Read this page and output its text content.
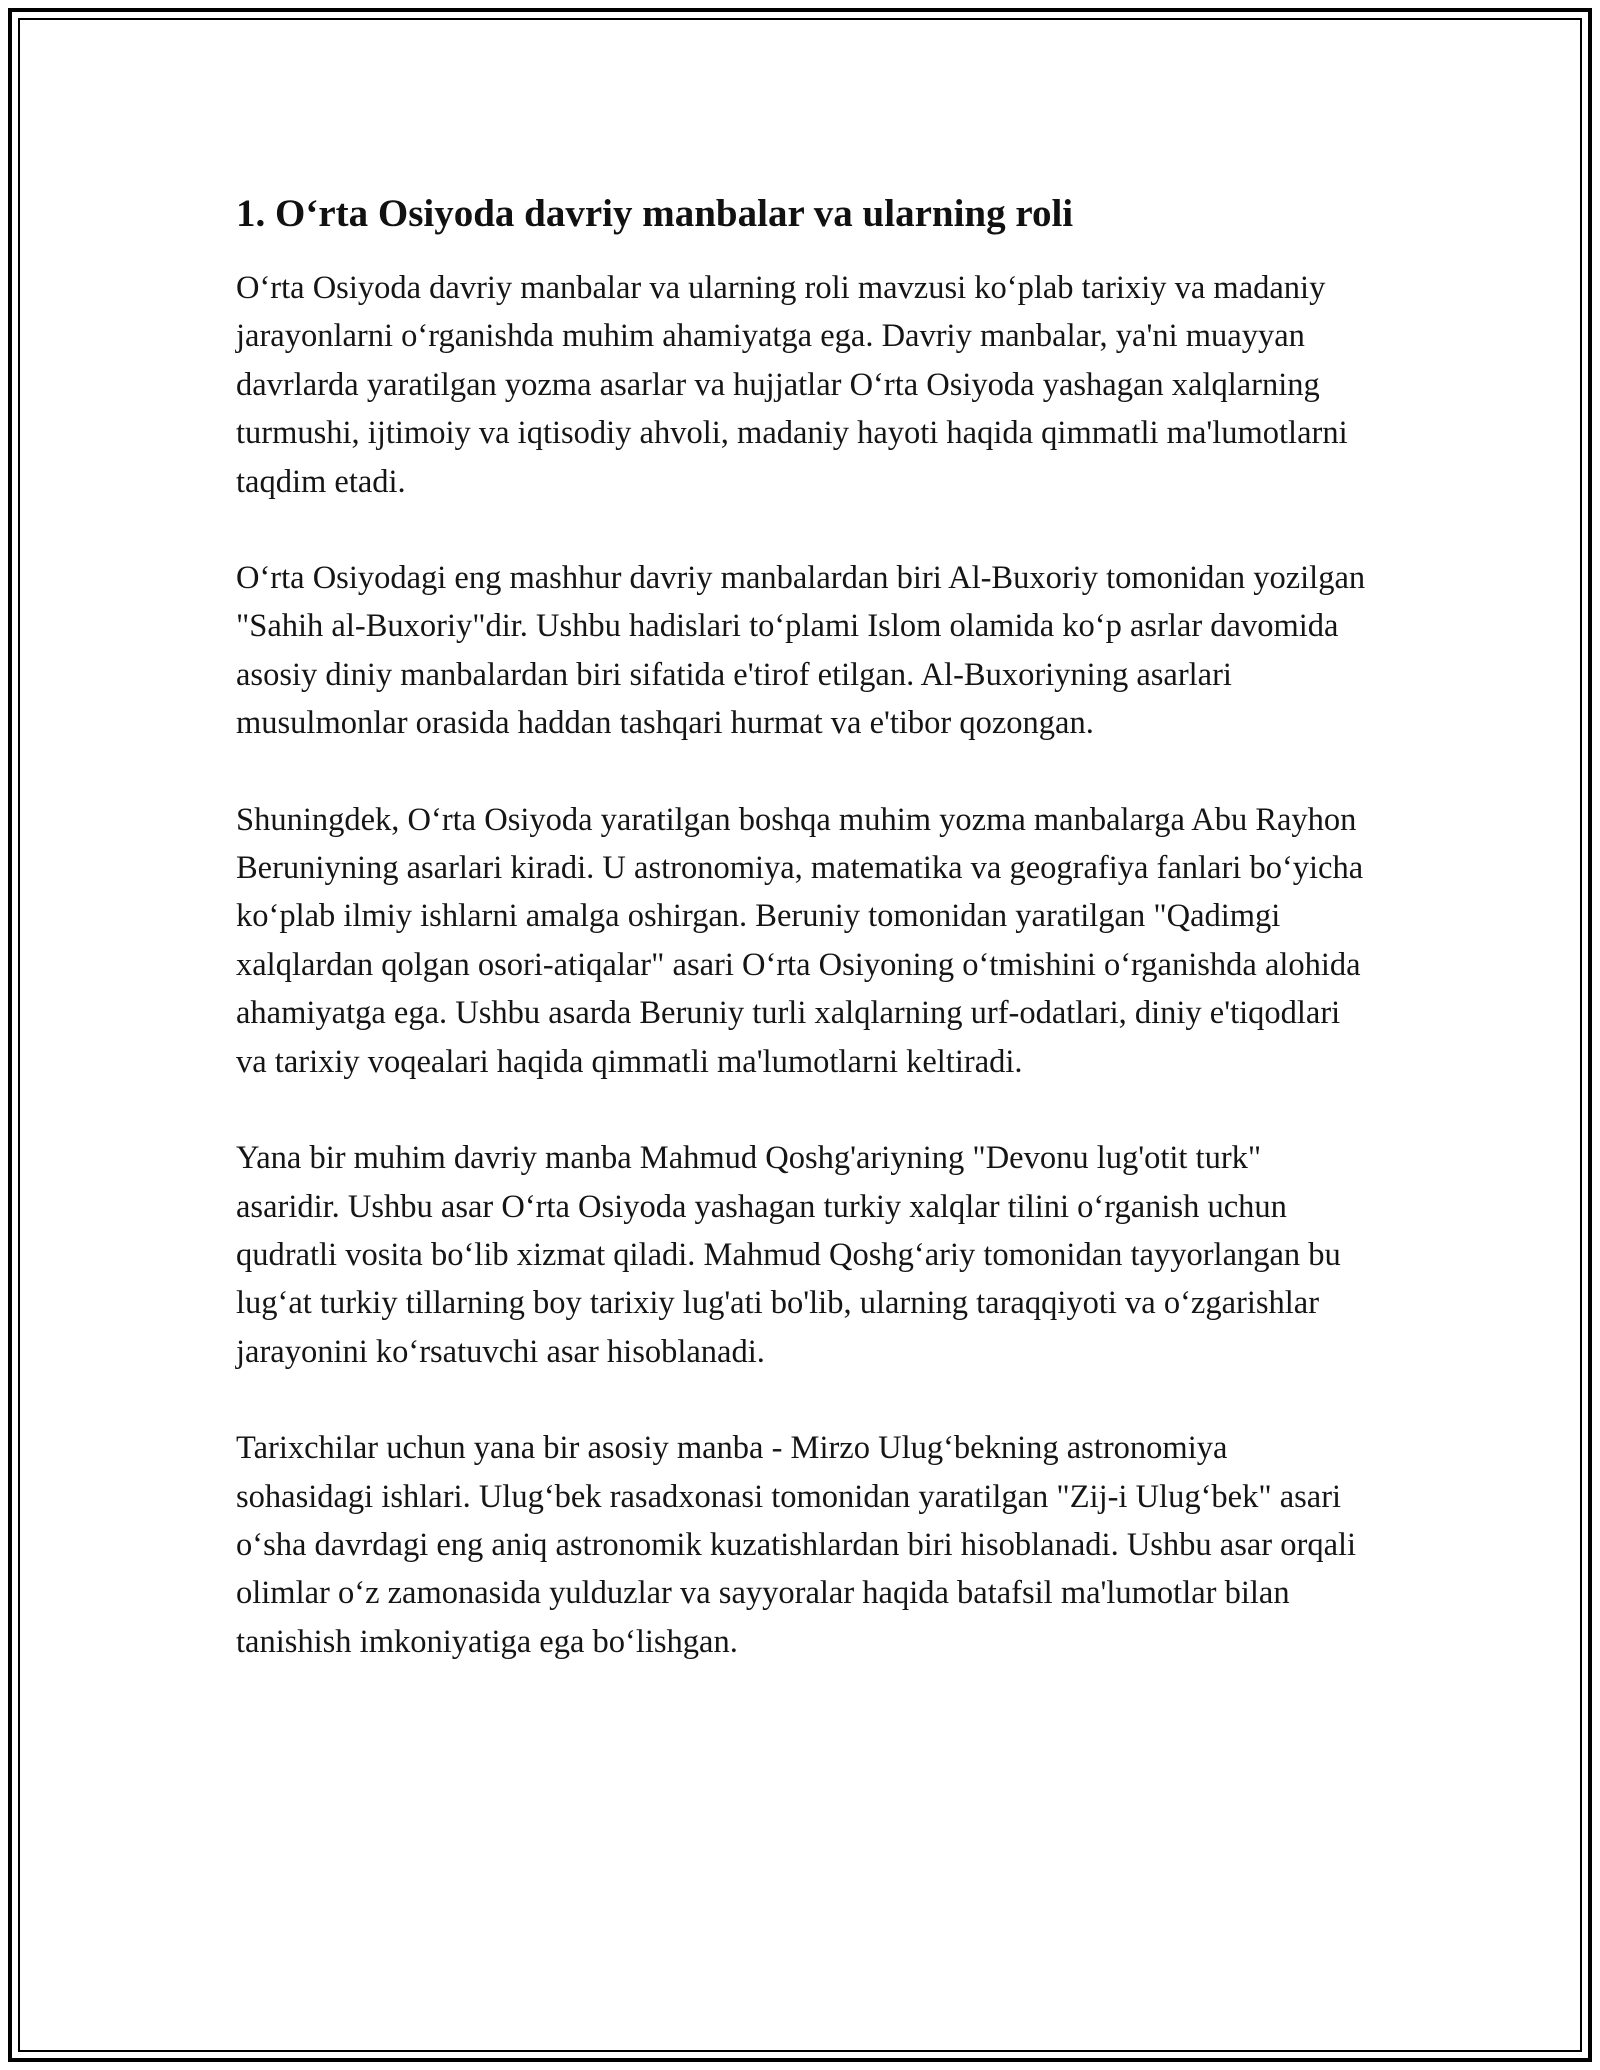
1. O‘rta Osiyoda davriy manbalar va ularning roli

O‘rta Osiyoda davriy manbalar va ularning roli mavzusi ko‘plab tarixiy va madaniy jarayonlarni o‘rganishda muhim ahamiyatga ega. Davriy manbalar, ya'ni muayyan davrlarda yaratilgan yozma asarlar va hujjatlar O‘rta Osiyoda yashagan xalqlarning turmushi, ijtimoiy va iqtisodiy ahvoli, madaniy hayoti haqida qimmatli ma'lumotlarni taqdim etadi.

O‘rta Osiyodagi eng mashhur davriy manbalardan biri Al-Buxoriy tomonidan yozilgan "Sahih al-Buxoriy"dir. Ushbu hadislari to‘plami Islom olamida ko‘p asrlar davomida asosiy diniy manbalardan biri sifatida e'tirof etilgan. Al-Buxoriyning asarlari musulmonlar orasida haddan tashqari hurmat va e'tibor qozongan.

Shuningdek, O‘rta Osiyoda yaratilgan boshqa muhim yozma manbalarga Abu Rayhon Beruniyning asarlari kiradi. U astronomiya, matematika va geografiya fanlari bo‘yicha ko‘plab ilmiy ishlarni amalga oshirgan. Beruniy tomonidan yaratilgan "Qadimgi xalqlardan qolgan osori-atiqalar" asari O‘rta Osiyoning o‘tmishini o‘rganishda alohida ahamiyatga ega. Ushbu asarda Beruniy turli xalqlarning urf-odatlari, diniy e'tiqodlari va tarixiy voqealari haqida qimmatli ma'lumotlarni keltiradi.

Yana bir muhim davriy manba Mahmud Qoshg'ariyning "Devonu lug'otit turk" asaridir. Ushbu asar O‘rta Osiyoda yashagan turkiy xalqlar tilini o‘rganish uchun qudratli vosita bo‘lib xizmat qiladi. Mahmud Qoshg‘ariy tomonidan tayyorlangan bu lug‘at turkiy tillarning boy tarixiy lug'ati bo'lib, ularning taraqqiyoti va o‘zgarishlar jarayonini ko‘rsatuvchi asar hisoblanadi.

Tarixchilar uchun yana bir asosiy manba - Mirzo Ulug‘bekning astronomiya sohasidagi ishlari. Ulug‘bek rasadxonasi tomonidan yaratilgan "Zij-i Ulug‘bek" asari o‘sha davrdagi eng aniq astronomik kuzatishlardan biri hisoblanadi. Ushbu asar orqali olimlar o‘z zamonasida yulduzlar va sayyoralar haqida batafsil ma'lumotlar bilan tanishish imkoniyatiga ega bo‘lishgan.
